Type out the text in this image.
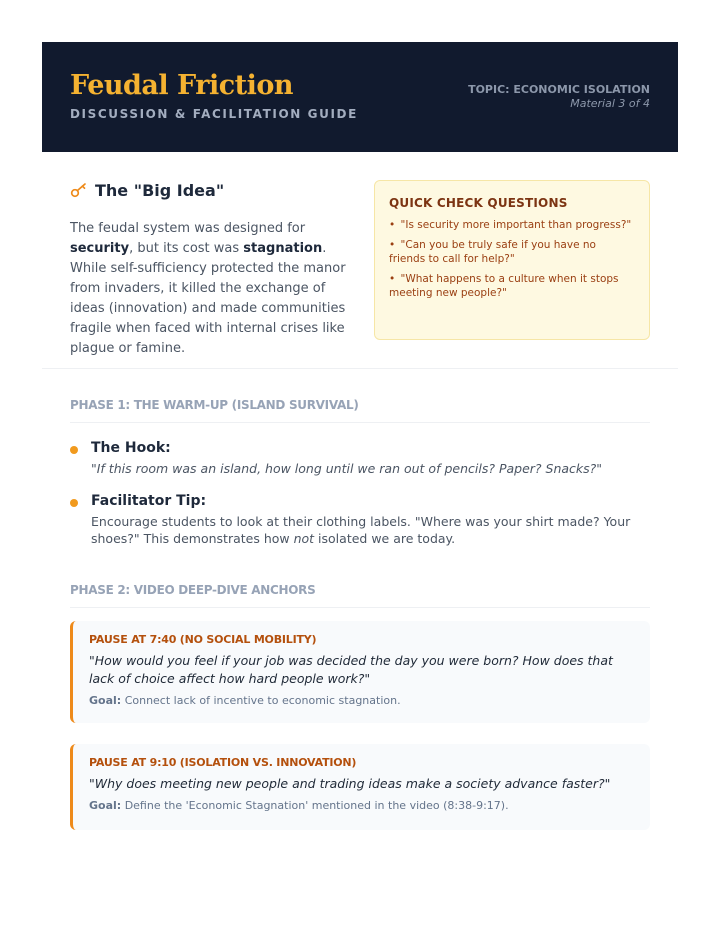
Feudal Friction
DISCUSSION & FACILITATION GUIDE
TOPIC: ECONOMIC ISOLATION
Material 3 of 4
The "Big Idea"

The feudal system was designed for security, but its cost was stagnation. While self-sufficiency protected the manor from invaders, it killed the exchange of ideas (innovation) and made communities fragile when faced with internal crises like plague or famine.

QUICK CHECK QUESTIONS
• "Is security more important than progress?"
• "Can you be truly safe if you have no friends to call for help?"
• "What happens to a culture when it stops meeting new people?"
PHASE 1: THE WARM-UP (ISLAND SURVIVAL)
The Hook:
"If this room was an island, how long until we ran out of pencils? Paper? Snacks?"
Facilitator Tip:
Encourage students to look at their clothing labels. "Where was your shirt made? Your shoes?" This demonstrates how not isolated we are today.
PHASE 2: VIDEO DEEP-DIVE ANCHORS
PAUSE AT 7:40 (NO SOCIAL MOBILITY)
"How would you feel if your job was decided the day you were born? How does that lack of choice affect how hard people work?"
Goal: Connect lack of incentive to economic stagnation.
PAUSE AT 9:10 (ISOLATION VS. INNOVATION)
"Why does meeting new people and trading ideas make a society advance faster?"
Goal: Define the 'Economic Stagnation' mentioned in the video (8:38-9:17).
